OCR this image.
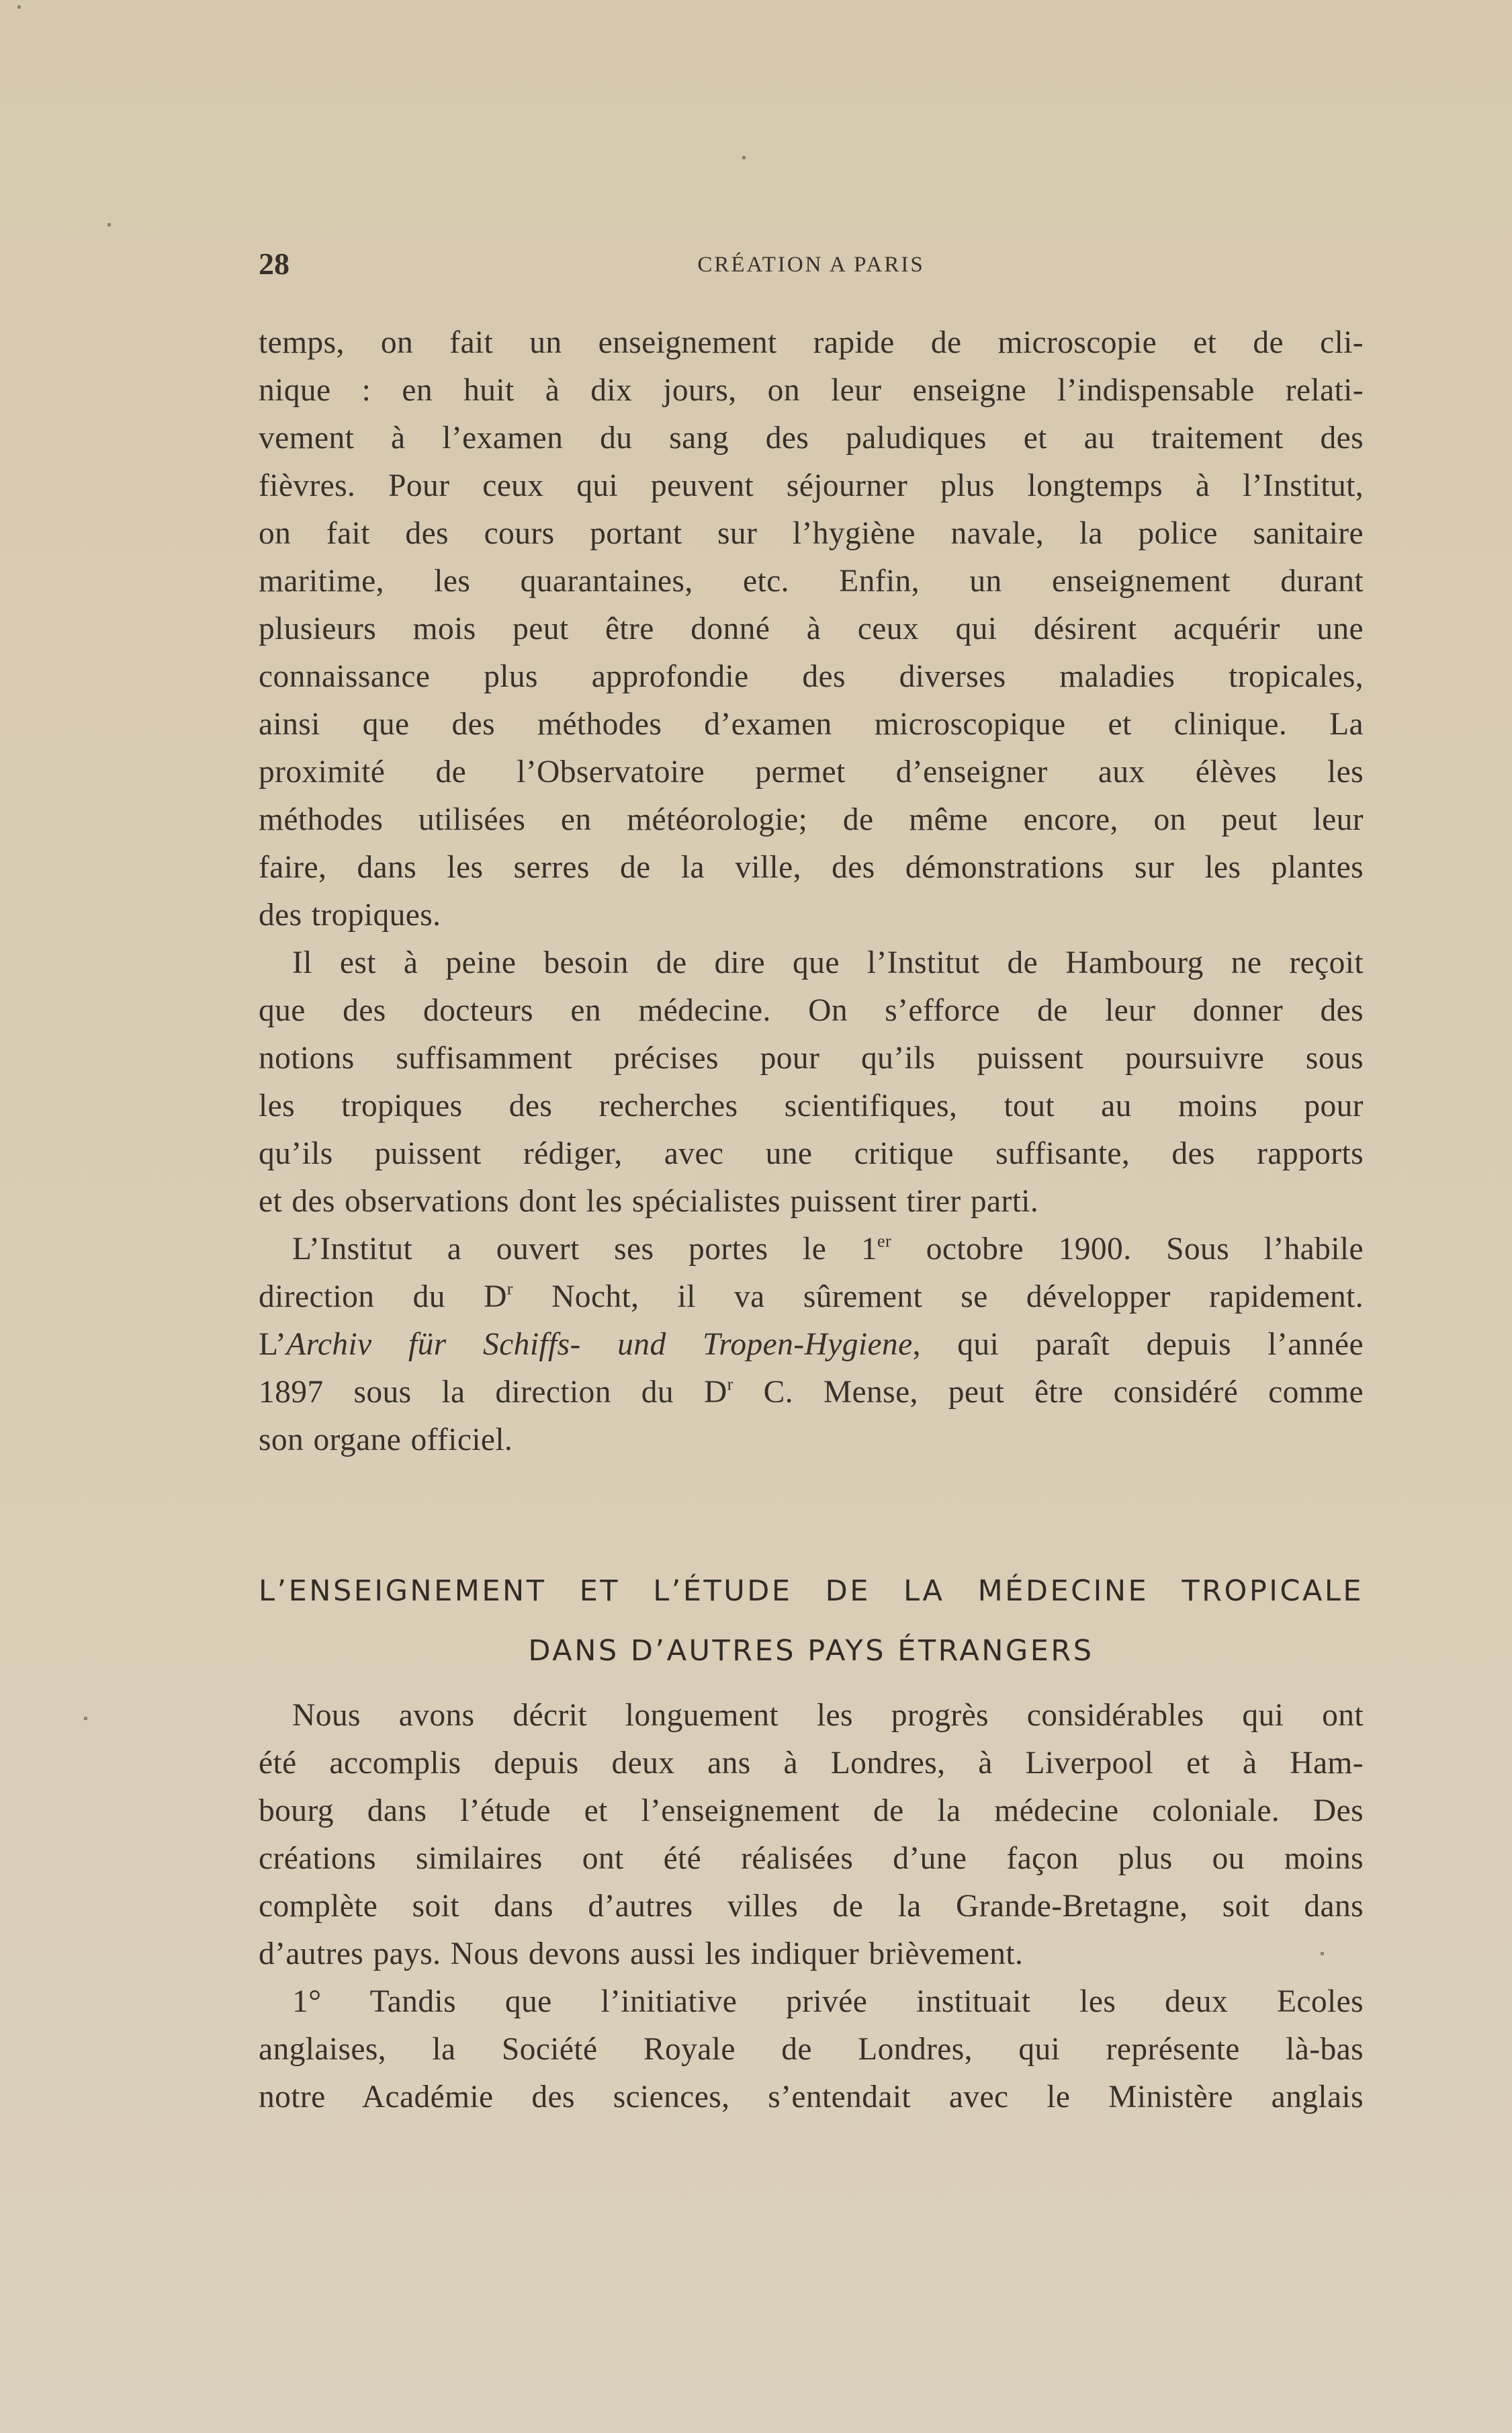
28	CRÉATION A PARIS
temps, on fait un enseignement rapide de microscopie et de cli-
nique : en huit à dix jours, on leur enseigne l’indispensable relati-
vement à l’examen du sang des paludiques et au traitement des
fièvres. Pour ceux qui peuvent séjourner plus longtemps à l’Institut,
on fait des cours portant sur l’hygiène navale, la police sanitaire
maritime, les quarantaines, etc. Enfin, un enseignement durant
plusieurs mois peut être donné à ceux qui désirent acquérir une
connaissance plus approfondie des diverses maladies tropicales,
ainsi que des méthodes d’examen microscopique et clinique. La
proximité de l’Observatoire permet d’enseigner aux élèves les
méthodes utilisées en météorologie; de même encore, on peut leur
faire, dans les serres de la ville, des démonstrations sur les plantes
des tropiques.
Il est à peine besoin de dire que l’Institut de Hambourg ne reçoit
que des docteurs en médecine. On s’efforce de leur donner des
notions suffisamment précises pour qu’ils puissent poursuivre sous
les tropiques des recherches scientifiques, tout au moins pour
qu’ils puissent rédiger, avec une critique suffisante, des rapports
et des observations dont les spécialistes puissent tirer parti.
L’Institut a ouvert ses portes le 1er octobre 1900. Sous l’habile
direction du $D^r$ Nocht, il va sûrement se développer rapidement.
L’Archiv für Schiffs- und Tropen-Hygiene, qui paraît depuis l’année
1897 sous la direction du $D^r$ C. Mense, peut être considéré comme
son organe officiel.
L’ENSEIGNEMENT ET L’ÉTUDE DE LA MÉDECINE TROPICALE
DANS D’AUTRES PAYS ÉTRANGERS
Nous avons décrit longuement les progrès considérables qui ont
été accomplis depuis deux ans à Londres, à Liverpool et à Ham-
bourg dans l’étude et l’enseignement de la médecine coloniale. Des
créations similaires ont été réalisées d’une façon plus ou moins
complète soit dans d’autres villes de la Grande-Bretagne, soit dans
d’autres pays. Nous devons aussi les indiquer brièvement.
1° Tandis que l’initiative privée instituait les deux Ecoles
anglaises, la Société Royale de Londres, qui représente là-bas
notre Académie des sciences, s’entendait avec le Ministère anglais
